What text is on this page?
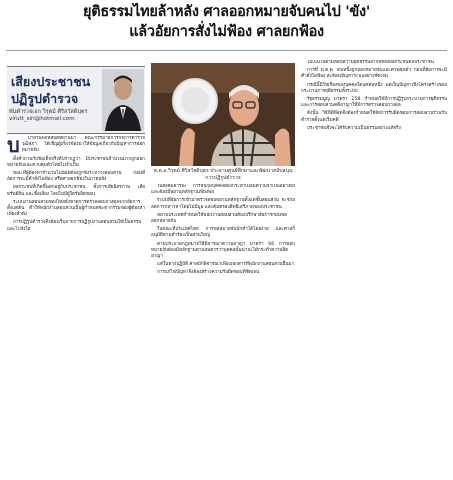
ยุติธรรมไทยล้าหลัง ศาลออกหมายจับคนไป 'ขัง'
แล้วอัยการสั่งไม่ฟ้อง ศาลยกฟ้อง
เสียงประชาชน
ปฏิรูปตำรวจ
พันตำรวจเอก วิรุตม์ ศิริสวัสดิบุตร
virutt_siri@hotmail.com
พ.ต.อ.วิรุตม์ ศิริสวัสดิบุตร ประธานศูนย์ศึกษาและพัฒนาสนับสนุนการปฏิรูปตำรวจ
บ	บ่ายวันพฤหัสบดีที่ผ่านมา คณะกรรมาธิการกิจการตำรวจ วุฒิสภา ได้เชิญผู้เกี่ยวข้องมาให้ข้อมูลเกี่ยวกับปัญหาการออกหมายจับ

ตั้งคำถามกับข้อเท็จจริงที่ปรากฏว่า มีประชาชนจำนวนมากถูกออกหมายจับและควบคุมตัวโดยไม่จำเป็น

ขณะที่ผู้ต้องหาจำนวนไม่น้อยต้องถูกขังระหว่างสอบสวน ก่อนที่อัยการจะมีคำสั่งไม่ฟ้อง หรือศาลยกฟ้องในภายหลัง

ผลกระทบที่เกิดขึ้นตกอยู่กับประชาชน ทั้งการเสียอิสรภาพ เสียทรัพย์สิน และชื่อเสียง โดยไม่มีผู้ใดรับผิดชอบ

ระบบงานสอบสวนของไทยยังขาดการตรวจสอบถ่วงดุลจากอัยการตั้งแต่ต้น ทำให้พนักงานสอบสวนเป็นผู้กำหนดชะตากรรมของผู้ต้องหาเพียงลำพัง

การปฏิรูปตำรวจจึงต้องเริ่มจากการปฏิรูปงานสอบสวนให้เป็นธรรมและโปร่งใส

ในสังคมอารยะ การจับกุมบุคคลต้องกระทำเมื่อมีความจำเป็นอย่างยิ่ง และต้องมีพยานหลักฐานเพียงพอ

ระบบที่อัยการเข้ามาตรวจสอบพยานหลักฐานตั้งแต่ชั้นสอบสวน จะช่วยลดการกล่าวหาโดยไม่มีมูล และคุ้มครองสิทธิเสรีภาพของประชาชน

หลายประเทศกำหนดให้พนักงานสอบสวนต้องปรึกษาอัยการก่อนขอออกหมายจับ

ในขณะที่ประเทศไทย การขอหมายจับมักทำได้โดยง่าย และศาลก็อนุมัติตามคำร้องเป็นส่วนใหญ่

ตามประมวลกฎหมายวิธีพิจารณาความอาญา มาตรา 66 การออกหมายจับต้องมีหลักฐานตามสมควรว่าบุคคลนั้นน่าจะได้กระทำความผิดอาญา

แต่ในทางปฏิบัติ ศาลมักพิจารณาเพียงเอกสารที่พนักงานสอบสวนยื่นมา

การแก้ไขปัญหาจึงต้องสร้างความรับผิดชอบที่ชัดเจน

ไม่เป็นไปตามหลักความยุติธรรมสากลที่ส่งผลกระทบต่อประชาชน

การที่ พ.ต.ต. คนหนึ่งถูกออกหมายจับและควบคุมตัว ก่อนที่อัยการจะมีคำสั่งไม่ฟ้อง สะท้อนปัญหาระบบอย่างชัดเจน

กรณีนี้มิใช่เรื่องของบุคคลใดบุคคลหนึ่ง แต่เป็นปัญหาเชิงโครงสร้างของกระบวนการยุติธรรมทั้งระบบ

รัฐธรรมนูญ มาตรา 258 กำหนดให้มีการปฏิรูปกระบวนการยุติธรรม และการสอบสวนคดีอาญาให้มีการตรวจสอบถ่วงดุล

ดังนั้น วิธีที่ดีที่สุดจึงต้องกำหนดให้อัยการรับผิดชอบการสอบสวนร่วมกับตำรวจตั้งแต่เริ่มคดี

ประชาชนจึงจะได้รับความเป็นธรรมอย่างแท้จริง
